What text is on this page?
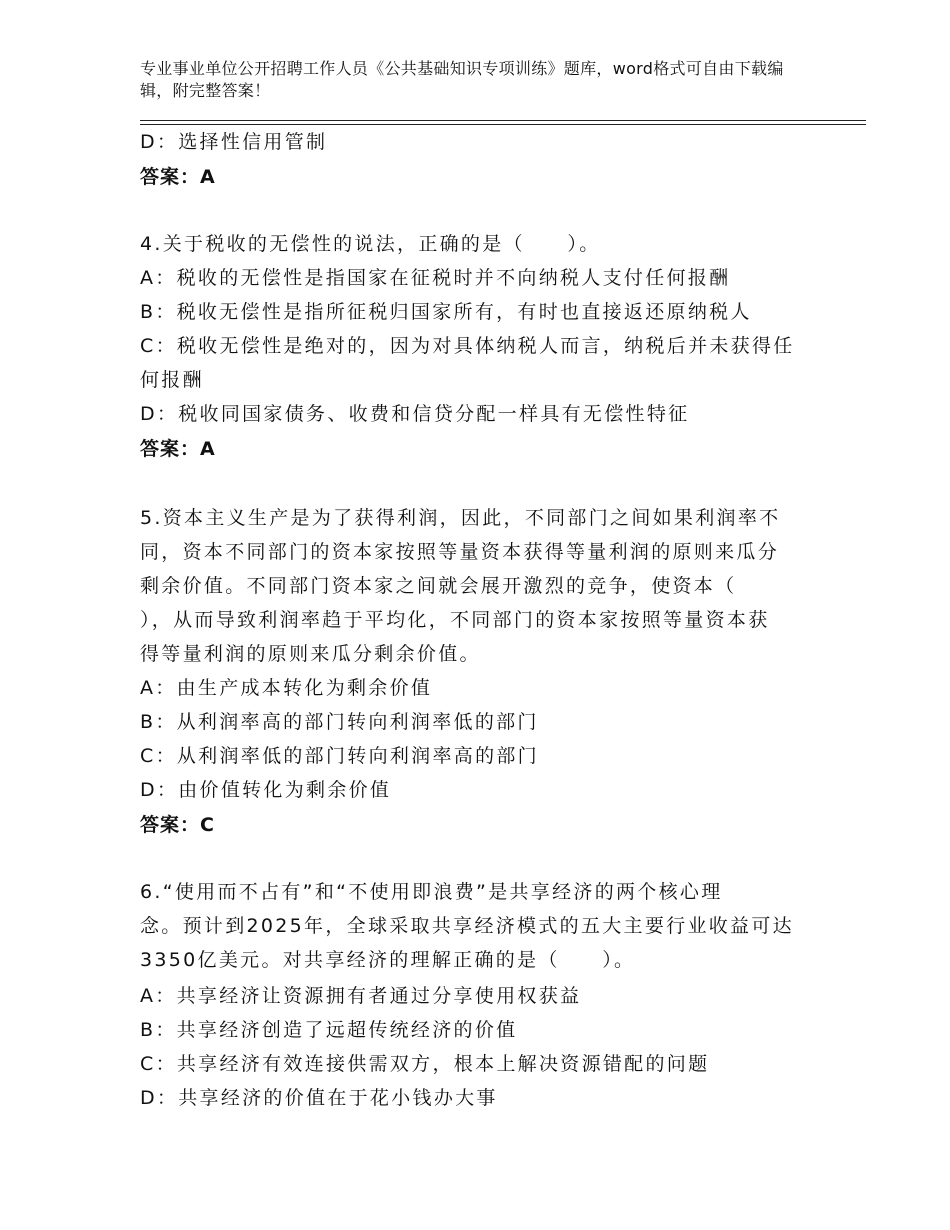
专业事业单位公开招聘工作人员《公共基础知识专项训练》题库，word格式可自由下载编辑，附完整答案！
D：选择性信用管制
答案：A
4.关于税收的无偿性的说法，正确的是（　　）。
A：税收的无偿性是指国家在征税时并不向纳税人支付任何报酬
B：税收无偿性是指所征税归国家所有，有时也直接返还原纳税人
C：税收无偿性是绝对的，因为对具体纳税人而言，纳税后并未获得任
何报酬
D：税收同国家债务、收费和信贷分配一样具有无偿性特征
答案：A
5.资本主义生产是为了获得利润，因此，不同部门之间如果利润率不
同，资本不同部门的资本家按照等量资本获得等量利润的原则来瓜分
剩余价值。不同部门资本家之间就会展开激烈的竞争，使资本（
），从而导致利润率趋于平均化，不同部门的资本家按照等量资本获
得等量利润的原则来瓜分剩余价值。
A：由生产成本转化为剩余价值
B：从利润率高的部门转向利润率低的部门
C：从利润率低的部门转向利润率高的部门
D：由价值转化为剩余价值
答案：C
6.“使用而不占有”和“不使用即浪费”是共享经济的两个核心理
念。预计到2025年，全球采取共享经济模式的五大主要行业收益可达
3350亿美元。对共享经济的理解正确的是（　　）。
A：共享经济让资源拥有者通过分享使用权获益
B：共享经济创造了远超传统经济的价值
C：共享经济有效连接供需双方，根本上解决资源错配的问题
D：共享经济的价值在于花小钱办大事
